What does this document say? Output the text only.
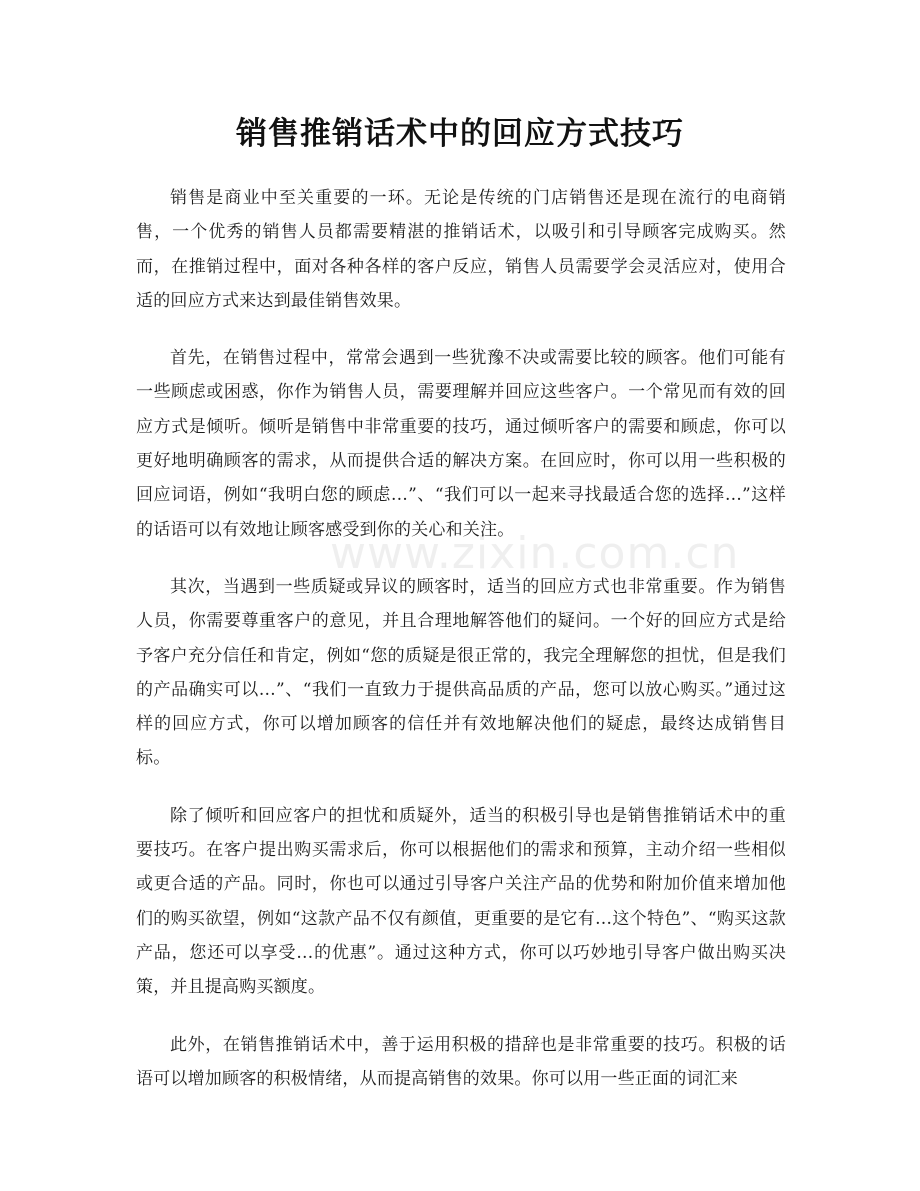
销售推销话术中的回应方式技巧
www.zixin.com.cn

销售是商业中至关重要的一环。无论是传统的门店销售还是现在流行的电商销售，一个优秀的销售人员都需要精湛的推销话术，以吸引和引导顾客完成购买。然而，在推销过程中，面对各种各样的客户反应，销售人员需要学会灵活应对，使用合适的回应方式来达到最佳销售效果。

首先，在销售过程中，常常会遇到一些犹豫不决或需要比较的顾客。他们可能有一些顾虑或困惑，你作为销售人员，需要理解并回应这些客户。一个常见而有效的回应方式是倾听。倾听是销售中非常重要的技巧，通过倾听客户的需要和顾虑，你可以更好地明确顾客的需求，从而提供合适的解决方案。在回应时，你可以用一些积极的回应词语，例如“我明白您的顾虑…”、“我们可以一起来寻找最适合您的选择…”这样的话语可以有效地让顾客感受到你的关心和关注。

其次，当遇到一些质疑或异议的顾客时，适当的回应方式也非常重要。作为销售人员，你需要尊重客户的意见，并且合理地解答他们的疑问。一个好的回应方式是给予客户充分信任和肯定，例如“您的质疑是很正常的，我完全理解您的担忧，但是我们的产品确实可以…”、“我们一直致力于提供高品质的产品，您可以放心购买。”通过这样的回应方式，你可以增加顾客的信任并有效地解决他们的疑虑，最终达成销售目标。

除了倾听和回应客户的担忧和质疑外，适当的积极引导也是销售推销话术中的重要技巧。在客户提出购买需求后，你可以根据他们的需求和预算，主动介绍一些相似或更合适的产品。同时，你也可以通过引导客户关注产品的优势和附加价值来增加他们的购买欲望，例如“这款产品不仅有颜值，更重要的是它有…这个特色”、“购买这款产品，您还可以享受…的优惠”。通过这种方式，你可以巧妙地引导客户做出购买决策，并且提高购买额度。

此外，在销售推销话术中，善于运用积极的措辞也是非常重要的技巧。积极的话语可以增加顾客的积极情绪，从而提高销售的效果。你可以用一些正面的词汇来
